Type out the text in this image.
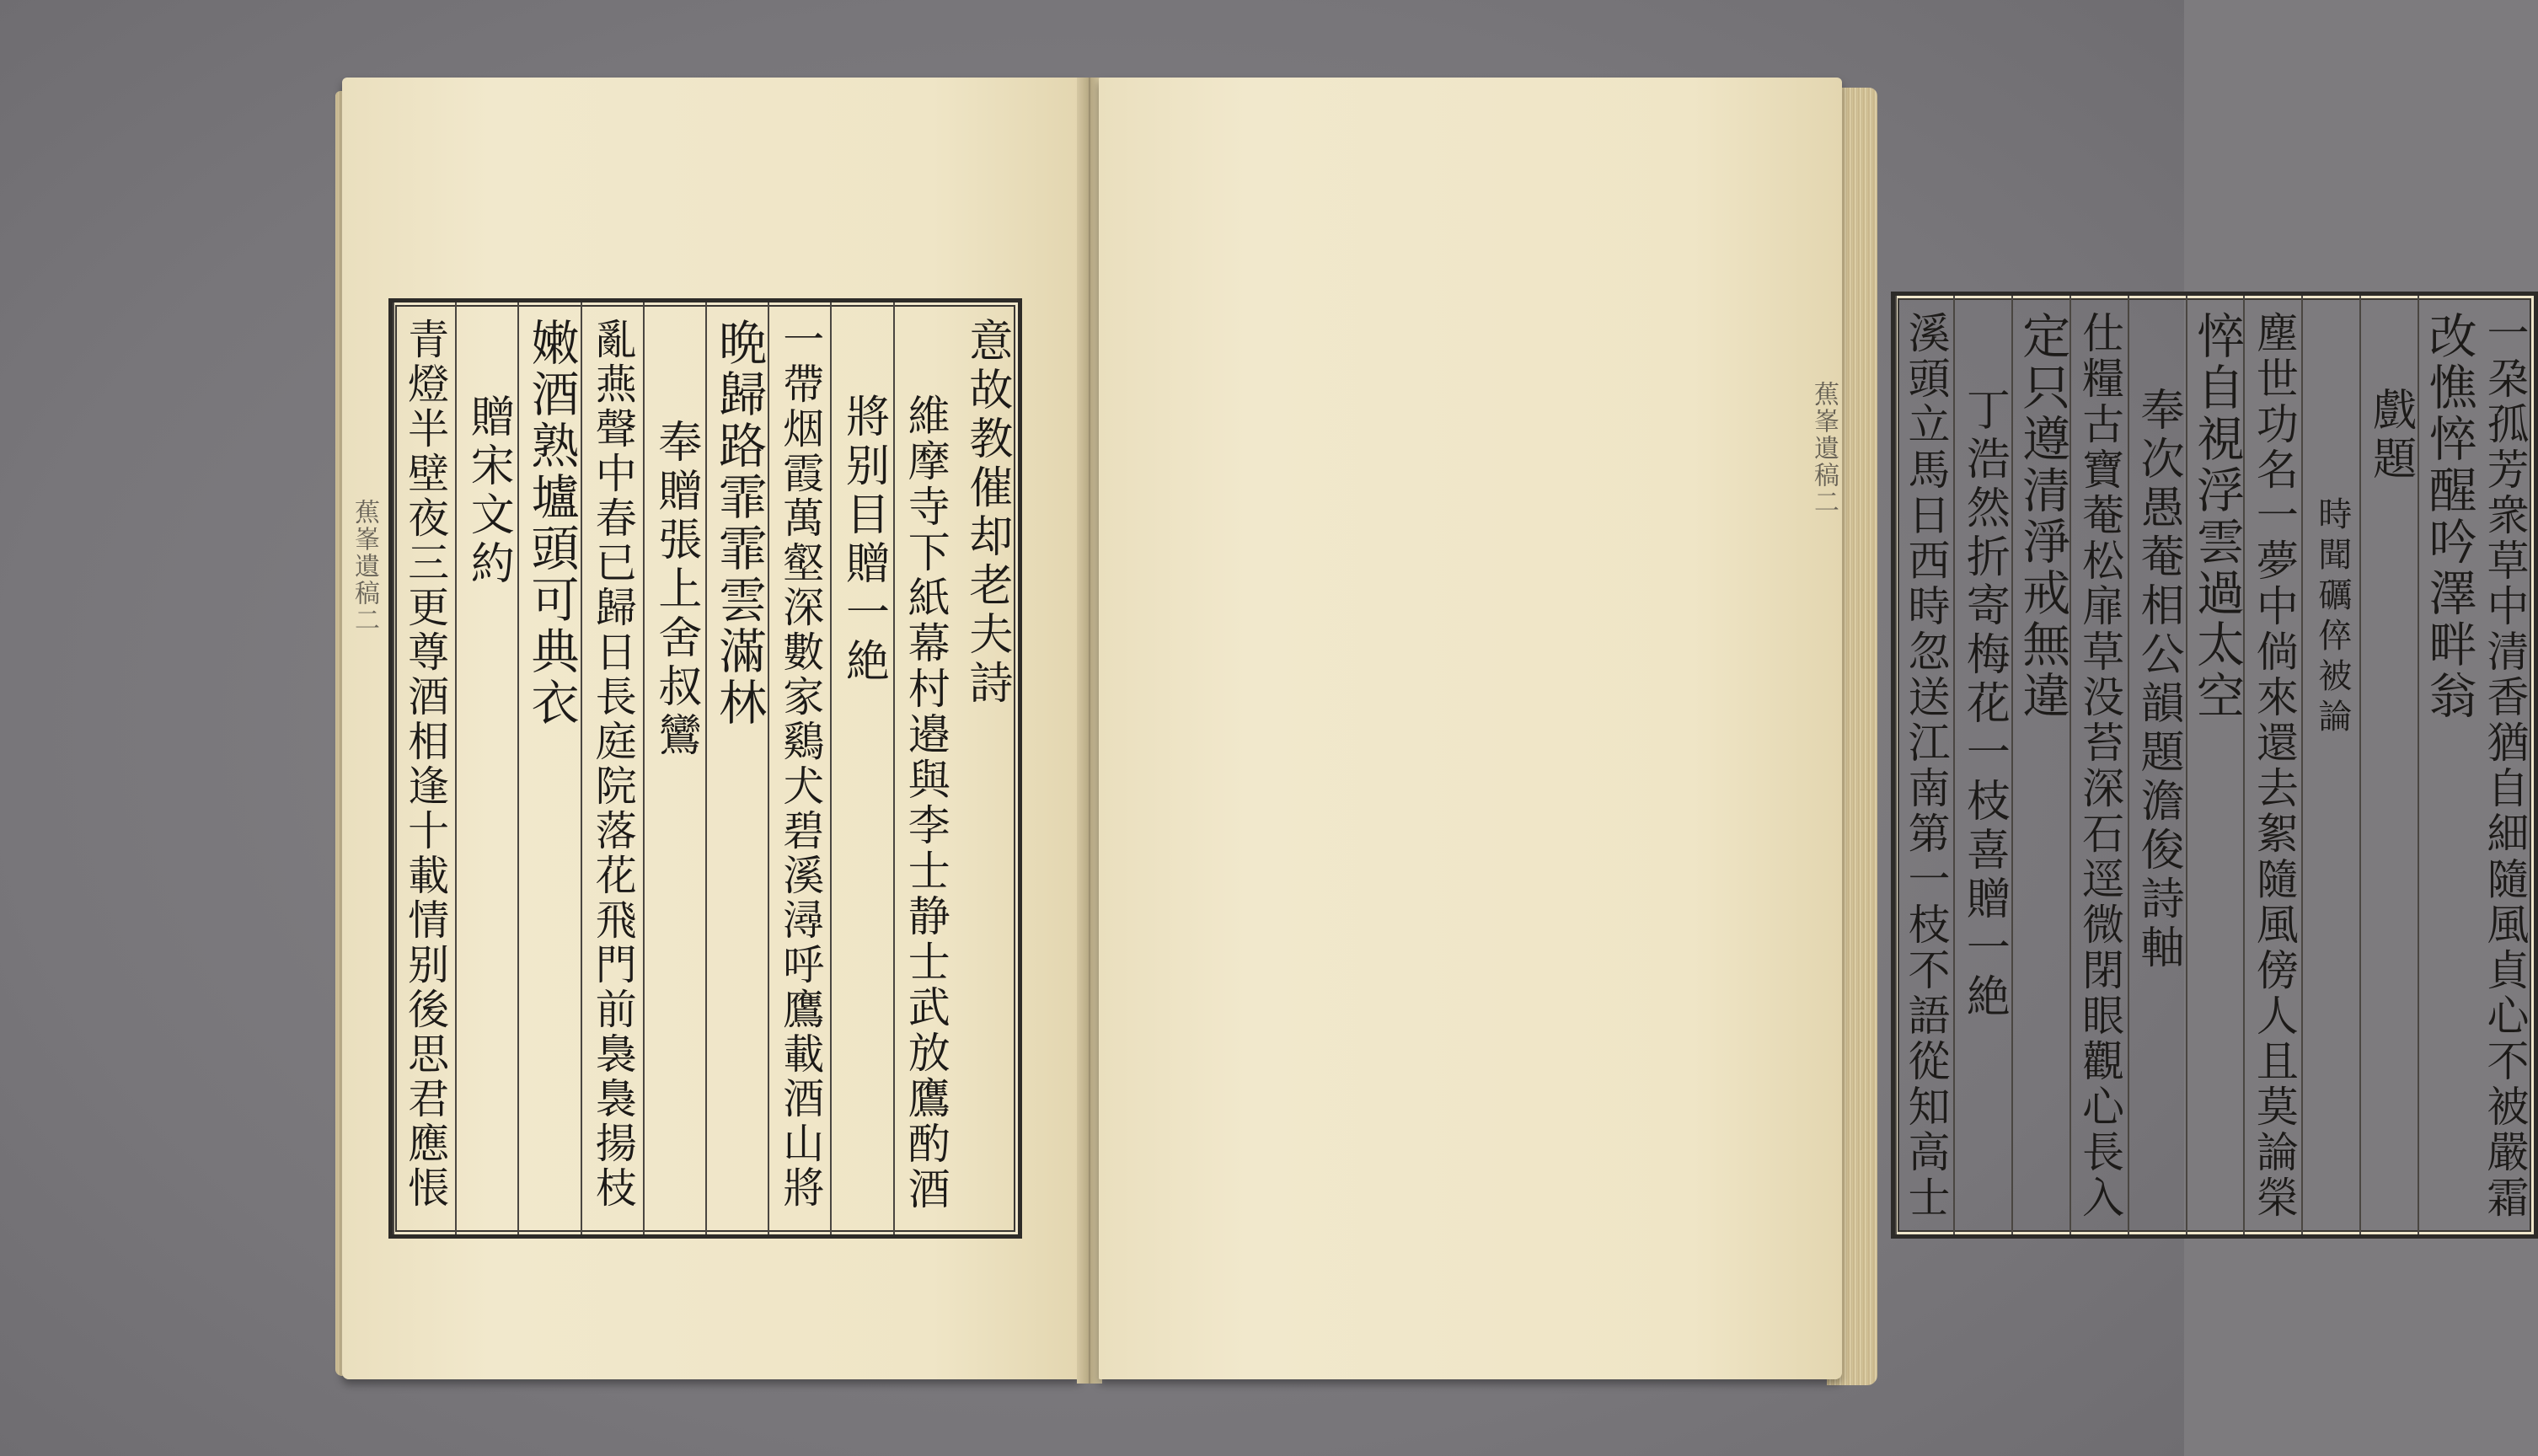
意故教催却老夫詩
維摩寺下紙幕村邉與李士静士武放鷹酌酒
將别目贈一絶
一帶烟霞萬壑深數家鷄犬碧溪潯呼鷹載酒山將
晩歸路霏霏雲滿林
奉贈張上舍叔鸞
亂燕聲中春已歸日長庭院落花飛門前裊裊揚枝
嫩酒熟壚頭可典衣
贈宋文約
青燈半壁夜三更尊酒相逢十載情别後思君應悵
蕉峯遺稿二	一朶孤芳衆草中清香猶自細隨風貞心不被嚴霜
改憔悴醒吟澤畔翁
戲題
時聞礪倅被論
塵世功名一夢中倘來還去絮隨風傍人且莫論榮
悴自視浮雲過太空
奉次愚菴相公韻題澹俊詩軸
仕糧古寶菴松扉草没苔深石逕微閉眼觀心長入
定只遵清淨戒無違
丁浩然折寄梅花一枝喜贈一絶
溪頭立馬日西時忽送江南第一枝不語從知高士
蕉峯遺稿二
